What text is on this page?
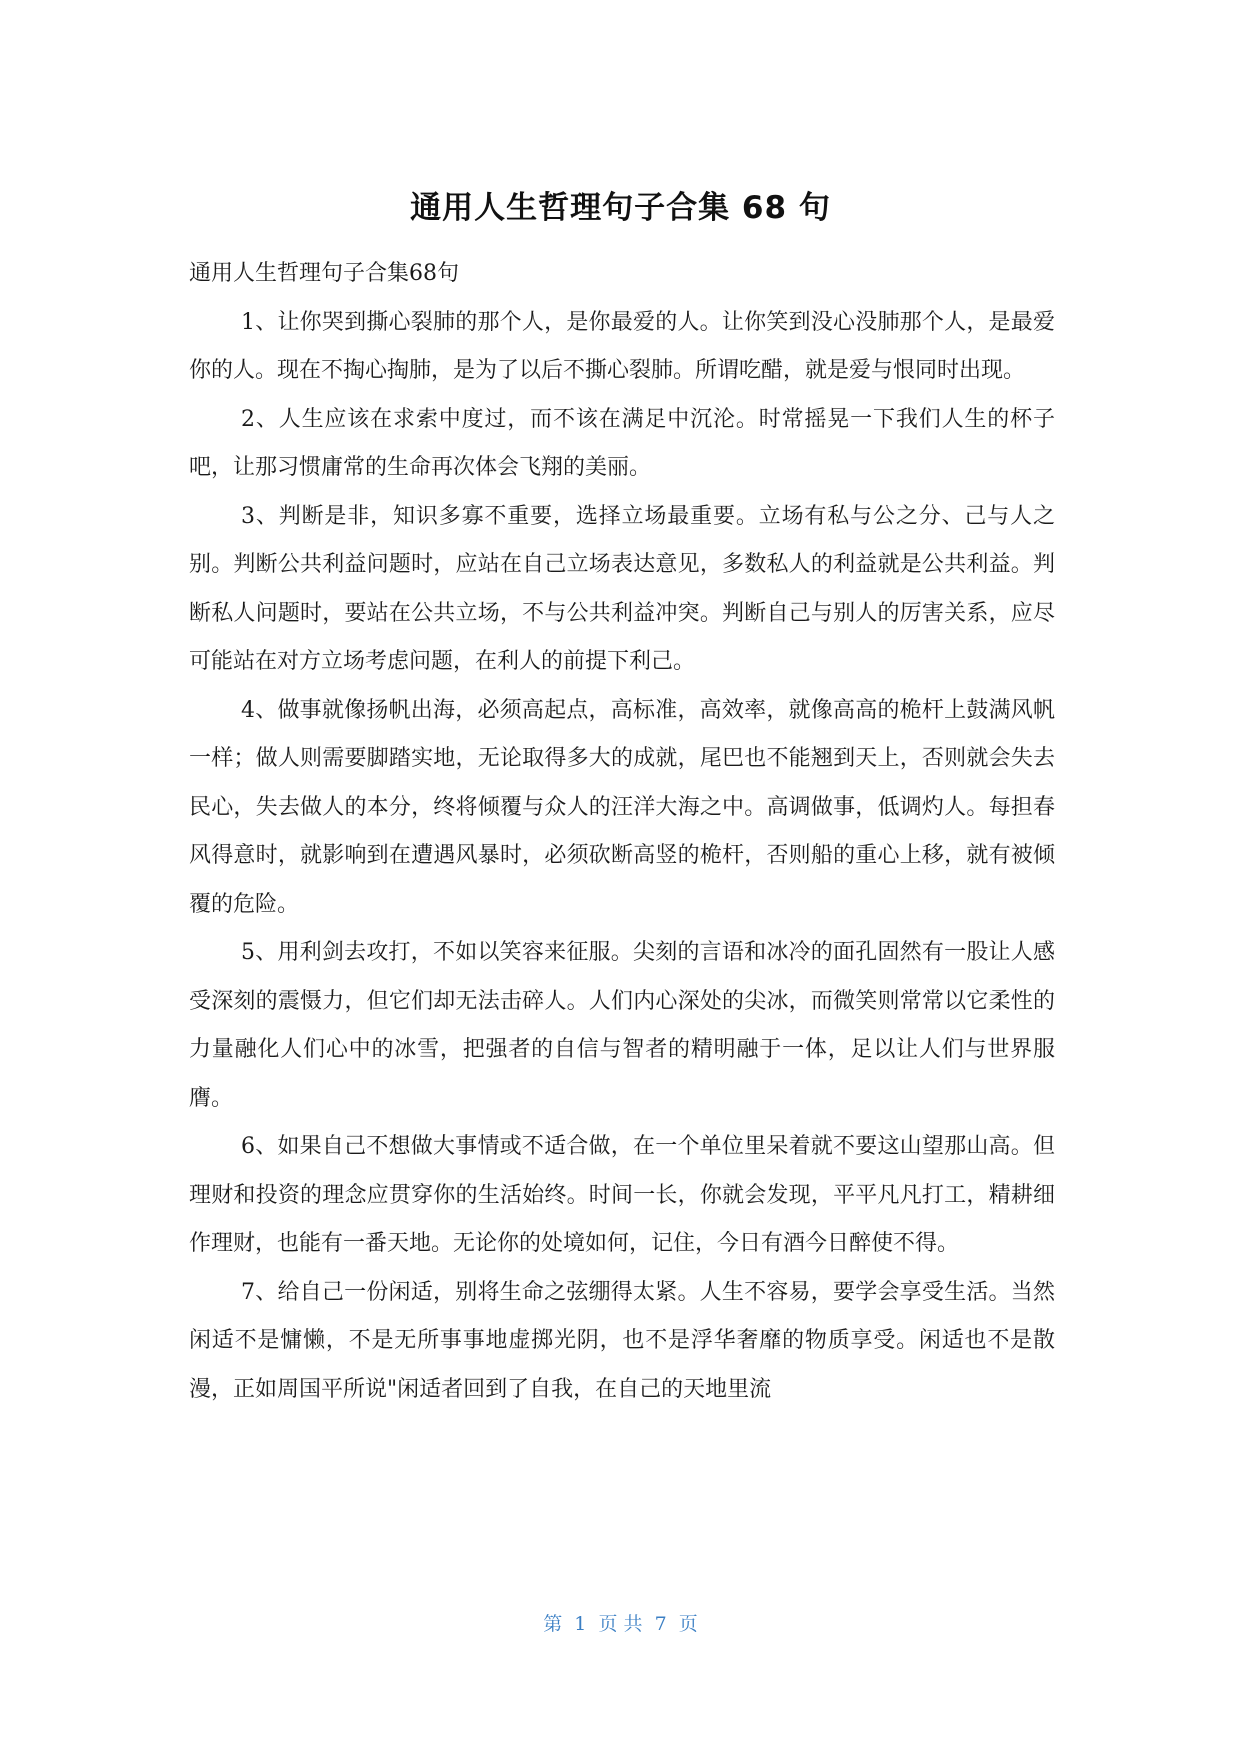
通用人生哲理句子合集 68 句

通用人生哲理句子合集68句

1、让你哭到撕心裂肺的那个人，是你最爱的人。让你笑到没心没肺那个人，是最爱你的人。现在不掏心掏肺，是为了以后不撕心裂肺。所谓吃醋，就是爱与恨同时出现。

2、人生应该在求索中度过，而不该在满足中沉沦。时常摇晃一下我们人生的杯子吧，让那习惯庸常的生命再次体会飞翔的美丽。

3、判断是非，知识多寡不重要，选择立场最重要。立场有私与公之分、己与人之别。判断公共利益问题时，应站在自己立场表达意见，多数私人的利益就是公共利益。判断私人问题时，要站在公共立场，不与公共利益冲突。判断自己与别人的厉害关系，应尽可能站在对方立场考虑问题，在利人的前提下利己。

4、做事就像扬帆出海，必须高起点，高标准，高效率，就像高高的桅杆上鼓满风帆一样；做人则需要脚踏实地，无论取得多大的成就，尾巴也不能翘到天上，否则就会失去民心，失去做人的本分，终将倾覆与众人的汪洋大海之中。高调做事，低调灼人。每担春风得意时，就影响到在遭遇风暴时，必须砍断高竖的桅杆，否则船的重心上移，就有被倾覆的危险。

5、用利剑去攻打，不如以笑容来征服。尖刻的言语和冰冷的面孔固然有一股让人感受深刻的震慑力，但它们却无法击碎人。人们内心深处的尖冰，而微笑则常常以它柔性的力量融化人们心中的冰雪，把强者的自信与智者的精明融于一体，足以让人们与世界服膺。

6、如果自己不想做大事情或不适合做，在一个单位里呆着就不要这山望那山高。但理财和投资的理念应贯穿你的生活始终。时间一长，你就会发现，平平凡凡打工，精耕细作理财，也能有一番天地。无论你的处境如何，记住，今日有酒今日醉使不得。

7、给自己一份闲适，别将生命之弦绷得太紧。人生不容易，要学会享受生活。当然闲适不是慵懒，不是无所事事地虚掷光阴，也不是浮华奢靡的物质享受。闲适也不是散漫，正如周国平所说"闲适者回到了自我，在自己的天地里流

第  1  页 共  7  页
